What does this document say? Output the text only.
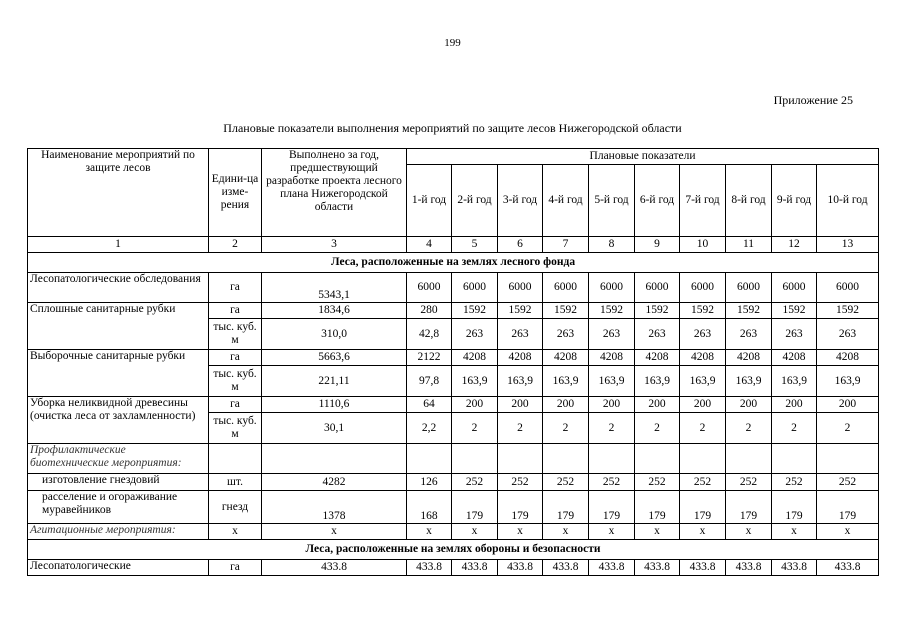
199
Приложение 25
Плановые показатели выполнения мероприятий по защите лесов Нижегородской области
Наименование мероприятий по защите лесов	Едини-ца изме-рения	Выполнено за год, предшествующий разработке проекта лесного плана Нижегородской области	Плановые показатели									
			1-й год	2-й год	3-й год	4-й год	5-й год	6-й год	7-й год	8-й год	9-й год	10-й год
1	2	3	4	5	6	7	8	9	10	11	12	13
Леса, расположенные на землях лесного фонда												
Лесопатологические обследования	га	5343,1	6000	6000	6000	6000	6000	6000	6000	6000	6000	6000
Сплошные санитарные рубки	га	1834,6	280	1592	1592	1592	1592	1592	1592	1592	1592	1592
	тыс. куб. м	310,0	42,8	263	263	263	263	263	263	263	263	263
Выборочные санитарные рубки	га	5663,6	2122	4208	4208	4208	4208	4208	4208	4208	4208	4208
	тыс. куб. м	221,11	97,8	163,9	163,9	163,9	163,9	163,9	163,9	163,9	163,9	163,9
Уборка неликвидной древесины (очистка леса от захламленности)	га	1110,6	64	200	200	200	200	200	200	200	200	200
	тыс. куб. м	30,1	2,2	2	2	2	2	2	2	2	2	2
Профилактические биотехнические мероприятия:												
изготовление гнездовий	шт.	4282	126	252	252	252	252	252	252	252	252	252
расселение и огораживание муравейников	гнезд	1378	168	179	179	179	179	179	179	179	179	179
Агитационные мероприятия:	х	х	х	х	х	х	х	х	х	х	х	х
Леса, расположенные на землях обороны и безопасности												
Лесопатологические	га	433.8	433.8	433.8	433.8	433.8	433.8	433.8	433.8	433.8	433.8	433.8
